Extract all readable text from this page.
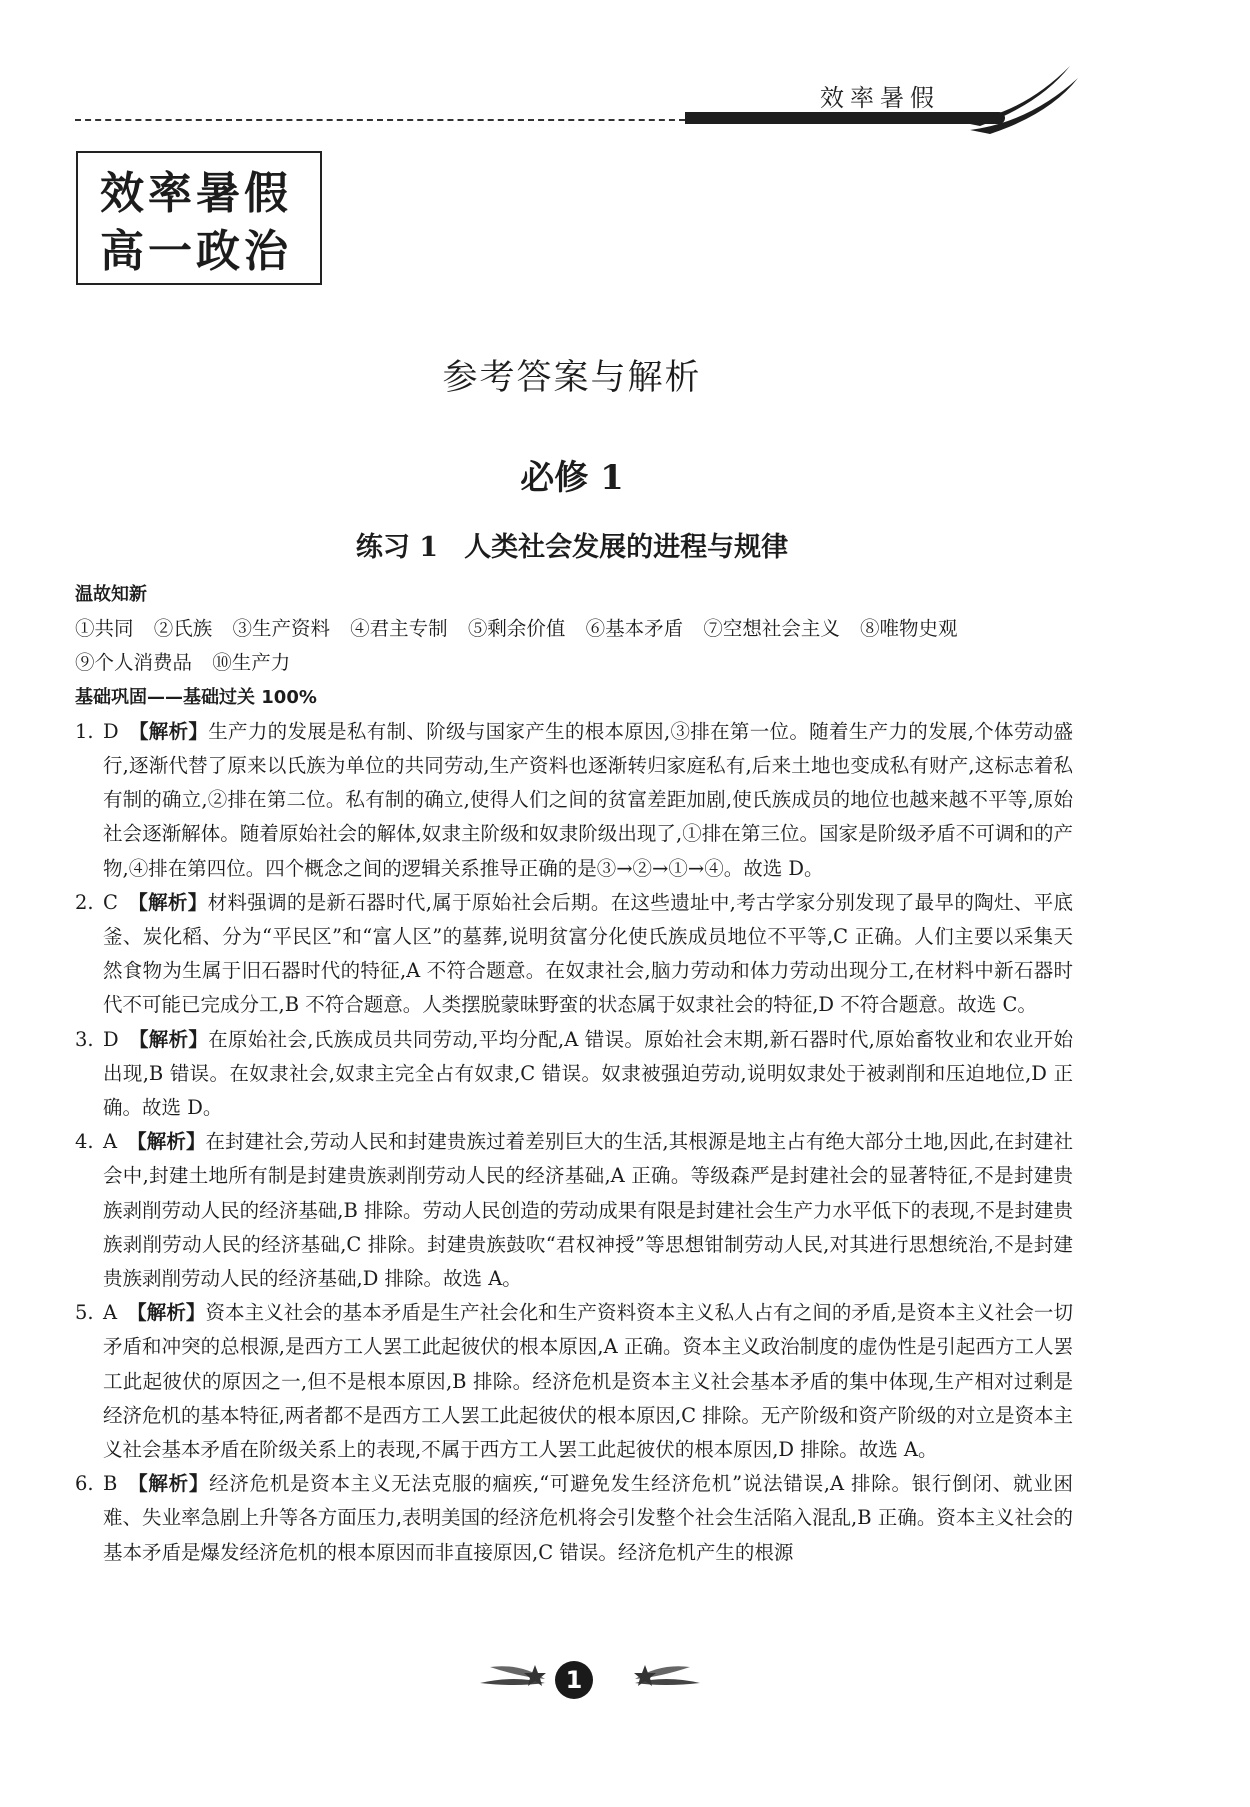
效率暑假
效率暑假
高一政治
参考答案与解析
必修 1
练习 1 人类社会发展的进程与规律
温故知新
①共同 ②氏族 ③生产资料 ④君主专制 ⑤剩余价值 ⑥基本矛盾 ⑦空想社会主义 ⑧唯物史观
⑨个人消费品 ⑩生产力
基础巩固——基础过关 100%
1. D 【解析】生产力的发展是私有制、阶级与国家产生的根本原因,③排在第一位。随着生产力的发展,个体劳动盛行,逐渐代替了原来以氏族为单位的共同劳动,生产资料也逐渐转归家庭私有,后来土地也变成私有财产,这标志着私有制的确立,②排在第二位。私有制的确立,使得人们之间的贫富差距加剧,使氏族成员的地位也越来越不平等,原始社会逐渐解体。随着原始社会的解体,奴隶主阶级和奴隶阶级出现了,①排在第三位。国家是阶级矛盾不可调和的产物,④排在第四位。四个概念之间的逻辑关系推导正确的是③→②→①→④。故选 D。
2. C 【解析】材料强调的是新石器时代,属于原始社会后期。在这些遗址中,考古学家分别发现了最早的陶灶、平底釜、炭化稻、分为“平民区”和“富人区”的墓葬,说明贫富分化使氏族成员地位不平等,C 正确。人们主要以采集天然食物为生属于旧石器时代的特征,A 不符合题意。在奴隶社会,脑力劳动和体力劳动出现分工,在材料中新石器时代不可能已完成分工,B 不符合题意。人类摆脱蒙昧野蛮的状态属于奴隶社会的特征,D 不符合题意。故选 C。
3. D 【解析】在原始社会,氏族成员共同劳动,平均分配,A 错误。原始社会末期,新石器时代,原始畜牧业和农业开始出现,B 错误。在奴隶社会,奴隶主完全占有奴隶,C 错误。奴隶被强迫劳动,说明奴隶处于被剥削和压迫地位,D 正确。故选 D。
4. A 【解析】在封建社会,劳动人民和封建贵族过着差别巨大的生活,其根源是地主占有绝大部分土地,因此,在封建社会中,封建土地所有制是封建贵族剥削劳动人民的经济基础,A 正确。等级森严是封建社会的显著特征,不是封建贵族剥削劳动人民的经济基础,B 排除。劳动人民创造的劳动成果有限是封建社会生产力水平低下的表现,不是封建贵族剥削劳动人民的经济基础,C 排除。封建贵族鼓吹“君权神授”等思想钳制劳动人民,对其进行思想统治,不是封建贵族剥削劳动人民的经济基础,D 排除。故选 A。
5. A 【解析】资本主义社会的基本矛盾是生产社会化和生产资料资本主义私人占有之间的矛盾,是资本主义社会一切矛盾和冲突的总根源,是西方工人罢工此起彼伏的根本原因,A 正确。资本主义政治制度的虚伪性是引起西方工人罢工此起彼伏的原因之一,但不是根本原因,B 排除。经济危机是资本主义社会基本矛盾的集中体现,生产相对过剩是经济危机的基本特征,两者都不是西方工人罢工此起彼伏的根本原因,C 排除。无产阶级和资产阶级的对立是资本主义社会基本矛盾在阶级关系上的表现,不属于西方工人罢工此起彼伏的根本原因,D 排除。故选 A。
6. B 【解析】经济危机是资本主义无法克服的痼疾,“可避免发生经济危机”说法错误,A 排除。银行倒闭、就业困难、失业率急剧上升等各方面压力,表明美国的经济危机将会引发整个社会生活陷入混乱,B 正确。资本主义社会的基本矛盾是爆发经济危机的根本原因而非直接原因,C 错误。经济危机产生的根源
1
